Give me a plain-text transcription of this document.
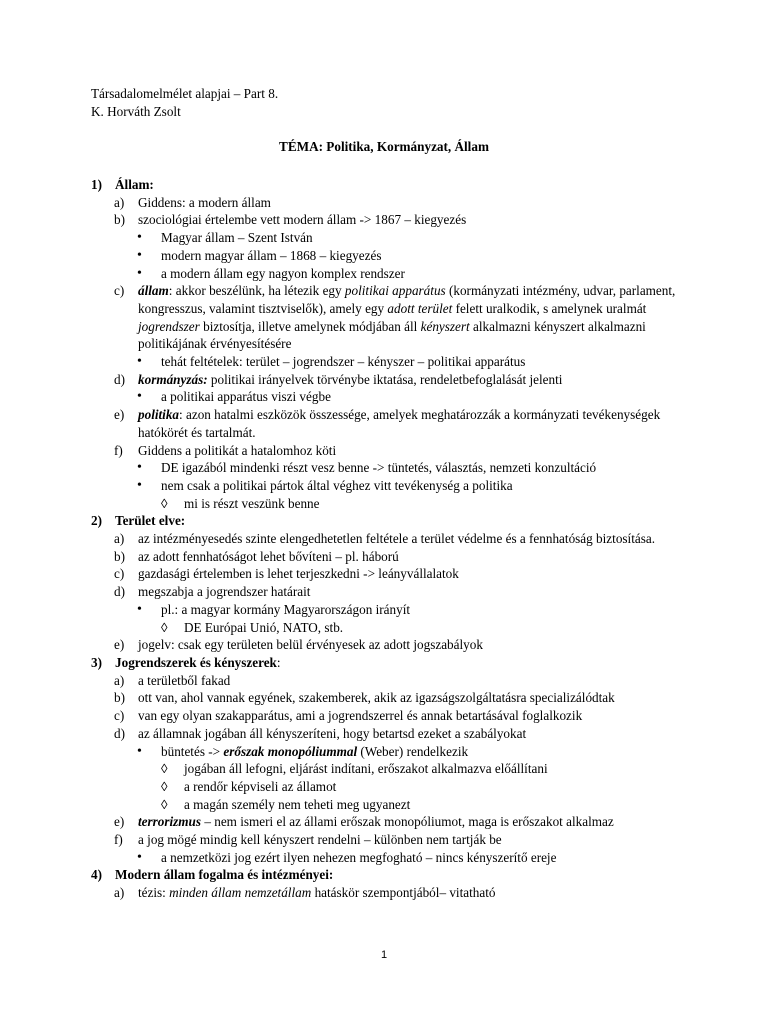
Társadalomelmélet alapjai – Part 8.
K. Horváth Zsolt
TÉMA: Politika, Kormányzat, Állam
1) Állam:
a) Giddens: a modern állam
b) szociológiai értelembe vett modern állam -> 1867 – kiegyezés
• Magyar állam – Szent István
• modern magyar állam – 1868 – kiegyezés
• a modern állam egy nagyon komplex rendszer
c) állam: akkor beszélünk, ha létezik egy politikai apparátus (kormányzati intézmény, udvar, parlament, kongresszus, valamint tisztviselők), amely egy adott terület felett uralkodik, s amelynek uralmát jogrendszer biztosítja, illetve amelynek módjában áll kényszert alkalmazni kényszert alkalmazni politikájának érvényesítésére
• tehát feltételek: terület – jogrendszer – kényszer – politikai apparátus
d) kormányzás: politikai irányelvek törvénybe iktatása, rendeletbefoglalását jelenti
• a politikai apparátus viszi végbe
e) politika: azon hatalmi eszközök összessége, amelyek meghatározzák a kormányzati tevékenységek hatókörét és tartalmát.
f) Giddens a politikát a hatalomhoz köti
• DE igazából mindenki részt vesz benne -> tüntetés, választás, nemzeti konzultáció
• nem csak a politikai pártok által véghez vitt tevékenység a politika
◊ mi is részt veszünk benne
2) Terület elve:
a) az intézményesedés szinte elengedhetetlen feltétele a terület védelme és a fennhatóság biztosítása.
b) az adott fennhatóságot lehet bővíteni – pl. háború
c) gazdasági értelemben is lehet terjeszkedni -> leányvállalatok
d) megszabja a jogrendszer határait
• pl.: a magyar kormány Magyarországon irányít
◊ DE Európai Unió, NATO, stb.
e) jogelv: csak egy területen belül érvényesek az adott jogszabályok
3) Jogrendszerek és kényszerek:
a) a területből fakad
b) ott van, ahol vannak egyének, szakemberek, akik az igazságszolgáltatásra specializálódtak
c) van egy olyan szakapparátus, ami a jogrendszerrel és annak betartásával foglalkozik
d) az államnak jogában áll kényszeríteni, hogy betartsd ezeket a szabályokat
• büntetés -> erőszak monopóliummal (Weber) rendelkezik
◊ jogában áll lefogni, eljárást indítani, erőszakot alkalmazva előállítani
◊ a rendőr képviseli az államot
◊ a magán személy nem teheti meg ugyanezt
e) terrorizmus – nem ismeri el az állami erőszak monopóliumot, maga is erőszakot alkalmaz
f) a jog mögé mindig kell kényszert rendelni – különben nem tartják be
• a nemzetközi jog ezért ilyen nehezen megfogható – nincs kényszerítő ereje
4) Modern állam fogalma és intézményei:
a) tézis: minden állam nemzetállam hatáskör szempontjából– vitatható
1
